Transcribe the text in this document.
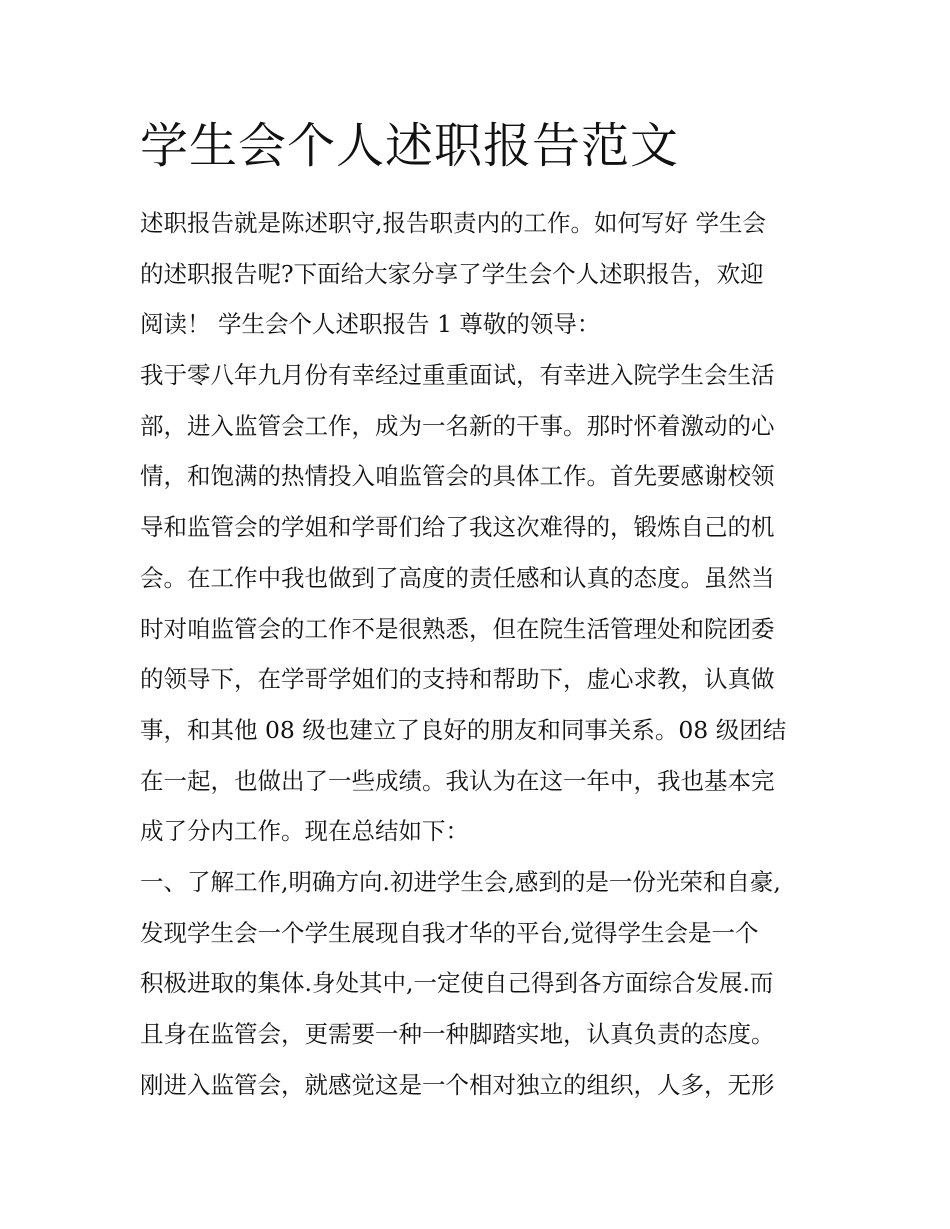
学生会个人述职报告范文
述职报告就是陈述职守,报告职责内的工作。如何写好 学生会
的述职报告呢?下面给大家分享了学生会个人述职报告，欢迎
阅读！ 学生会个人述职报告 1 尊敬的领导：
我于零八年九月份有幸经过重重面试，有幸进入院学生会生活
部，进入监管会工作，成为一名新的干事。那时怀着激动的心
情，和饱满的热情投入咱监管会的具体工作。首先要感谢校领
导和监管会的学姐和学哥们给了我这次难得的，锻炼自己的机
会。在工作中我也做到了高度的责任感和认真的态度。虽然当
时对咱监管会的工作不是很熟悉，但在院生活管理处和院团委
的领导下，在学哥学姐们的支持和帮助下，虚心求教，认真做
事，和其他 08 级也建立了良好的朋友和同事关系。08 级团结
在一起，也做出了一些成绩。我认为在这一年中，我也基本完
成了分内工作。现在总结如下：
一、了解工作,明确方向.初进学生会,感到的是一份光荣和自豪,
发现学生会一个学生展现自我才华的平台,觉得学生会是一个
积极进取的集体.身处其中,一定使自己得到各方面综合发展.而
且身在监管会，更需要一种一种脚踏实地，认真负责的态度。
刚进入监管会，就感觉这是一个相对独立的组织，人多，无形
